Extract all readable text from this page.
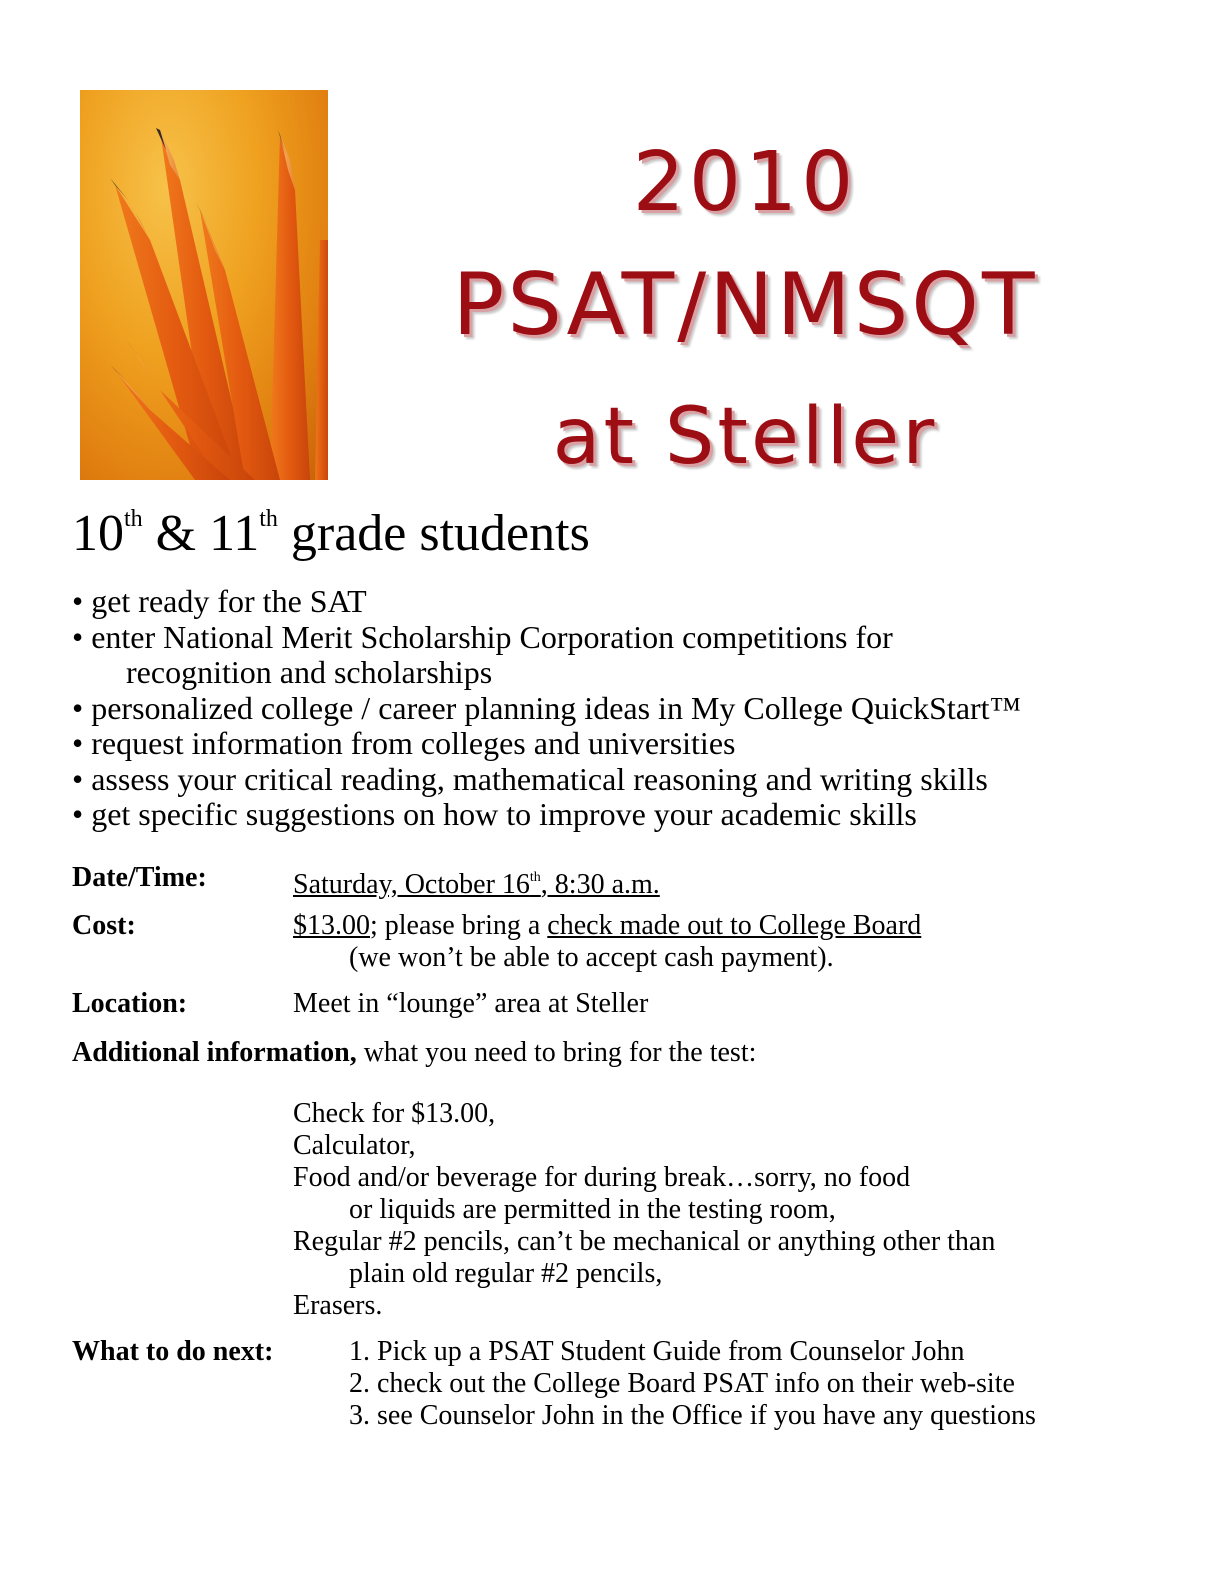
2010
PSAT/NMSQT
at Steller
10th & 11th grade students
• get ready for the SAT
• enter National Merit Scholarship Corporation competitions for
recognition and scholarships
• personalized college / career planning ideas in My College QuickStart™
• request information from colleges and universities
• assess your critical reading, mathematical reasoning and writing skills
• get specific suggestions on how to improve your academic skills
Date/Time:	Saturday, October 16th, 8:30 a.m.
Cost:	$13.00; please bring a check made out to College Board
(we won’t be able to accept cash payment).
Location:	Meet in “lounge” area at Steller
Additional information, what you need to bring for the test:
Check for $13.00,
Calculator,
Food and/or beverage for during break…sorry, no food
or liquids are permitted in the testing room,
Regular #2 pencils, can’t be mechanical or anything other than
plain old regular #2 pencils,
Erasers.
What to do next:	1. Pick up a PSAT Student Guide from Counselor John
2. check out the College Board PSAT info on their web-site
3. see Counselor John in the Office if you have any questions
